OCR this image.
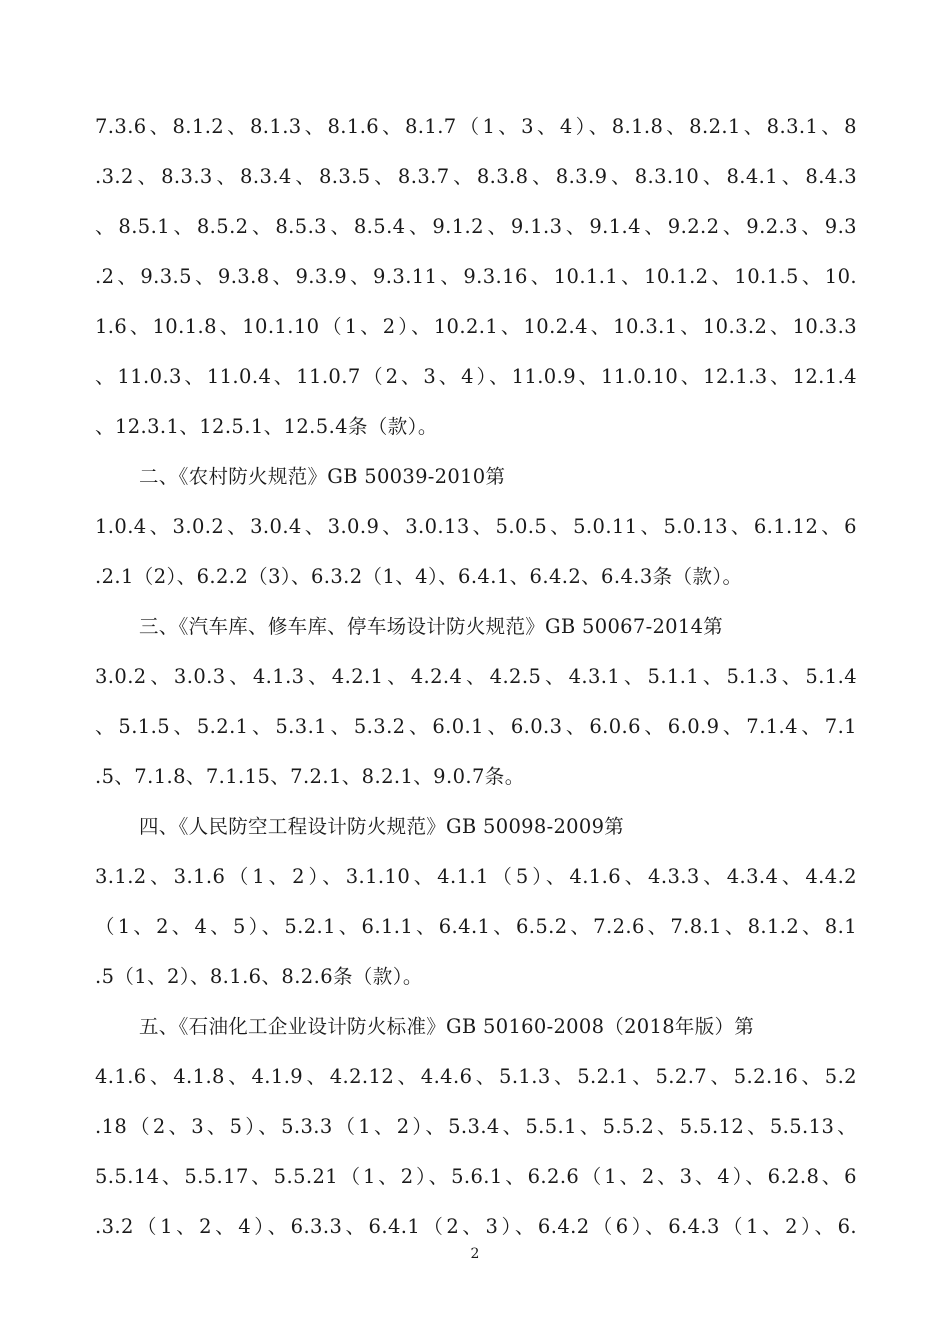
7.3.6、8.1.2、8.1.3、8.1.6、8.1.7（1、3、4）、8.1.8、8.2.1、8.3.1、8
.3.2、8.3.3、8.3.4、8.3.5、8.3.7、8.3.8、8.3.9、8.3.10、8.4.1、8.4.3
、8.5.1、8.5.2、8.5.3、8.5.4、9.1.2、9.1.3、9.1.4、9.2.2、9.2.3、9.3
.2、9.3.5、9.3.8、9.3.9、9.3.11、9.3.16、10.1.1、10.1.2、10.1.5、10.
1.6、10.1.8、10.1.10（1、2）、10.2.1、10.2.4、10.3.1、10.3.2、10.3.3
、11.0.3、11.0.4、11.0.7（2、3、4）、11.0.9、11.0.10、12.1.3、12.1.4
、12.3.1、12.5.1、12.5.4条（款）。
二、《农村防火规范》GB 50039-2010第
1.0.4、3.0.2、3.0.4、3.0.9、3.0.13、5.0.5、5.0.11、5.0.13、6.1.12、6
.2.1（2）、6.2.2（3）、6.3.2（1、4）、6.4.1、6.4.2、6.4.3条（款）。
三、《汽车库、修车库、停车场设计防火规范》GB 50067-2014第
3.0.2、3.0.3、4.1.3、4.2.1、4.2.4、4.2.5、4.3.1、5.1.1、5.1.3、5.1.4
、5.1.5、5.2.1、5.3.1、5.3.2、6.0.1、6.0.3、6.0.6、6.0.9、7.1.4、7.1
.5、7.1.8、7.1.15、7.2.1、8.2.1、9.0.7条。
四、《人民防空工程设计防火规范》GB 50098-2009第
3.1.2、3.1.6（1、2）、3.1.10、4.1.1（5）、4.1.6、4.3.3、4.3.4、4.4.2
（1、2、4、5）、5.2.1、6.1.1、6.4.1、6.5.2、7.2.6、7.8.1、8.1.2、8.1
.5（1、2）、8.1.6、8.2.6条（款）。
五、《石油化工企业设计防火标准》GB 50160-2008（2018年版）第
4.1.6、4.1.8、4.1.9、4.2.12、4.4.6、5.1.3、5.2.1、5.2.7、5.2.16、5.2
.18（2、3、5）、5.3.3（1、2）、5.3.4、5.5.1、5.5.2、5.5.12、5.5.13、
5.5.14、5.5.17、5.5.21（1、2）、5.6.1、6.2.6（1、2、3、4）、6.2.8、6
.3.2（1、2、4）、6.3.3、6.4.1（2、3）、6.4.2（6）、6.4.3（1、2）、6.
2
